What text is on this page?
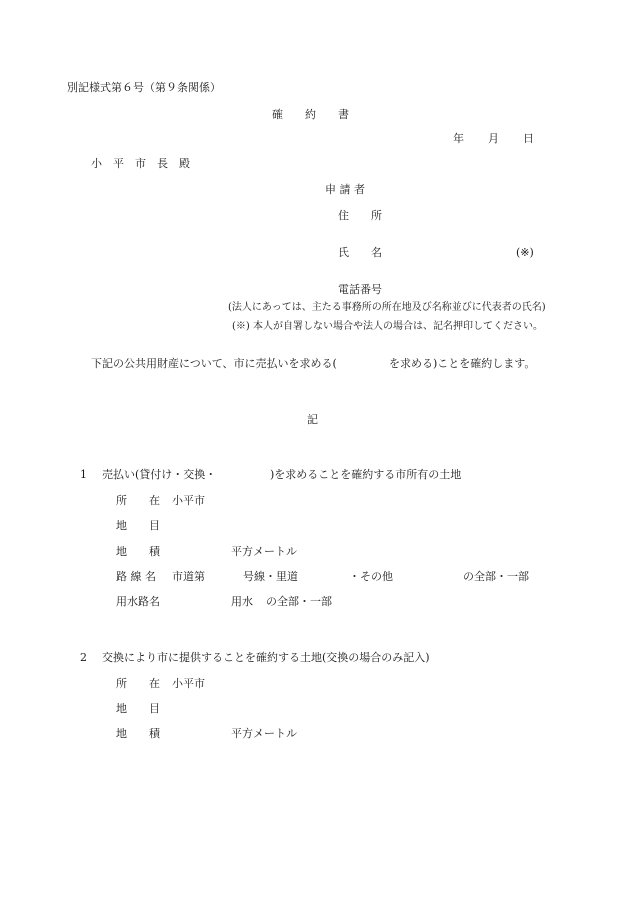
別記様式第６号（第９条関係）
確　　約　　書
年 月 日
小　平　市　長　殿
申 請 者
住　　所
氏　　名	(※)
電話番号
(法人にあっては、主たる事務所の所在地及び名称並びに代表者の氏名)
(※) 本人が自署しない場合や法人の場合は、記名押印してください。
下記の公共用財産について、市に売払いを求める(	を求める)ことを確約します。
記
1 売払い(貸付け・交換・	)を求めることを確約する市所有の土地
所　　在 小平市
地　　目
地　　積	平方メートル
路 線 名 市道第	号線・里道	・その他	の全部・一部
用水路名	用水 の全部・一部
2 交換により市に提供することを確約する土地(交換の場合のみ記入)
所　　在 小平市
地　　目
地　　積	平方メートル
